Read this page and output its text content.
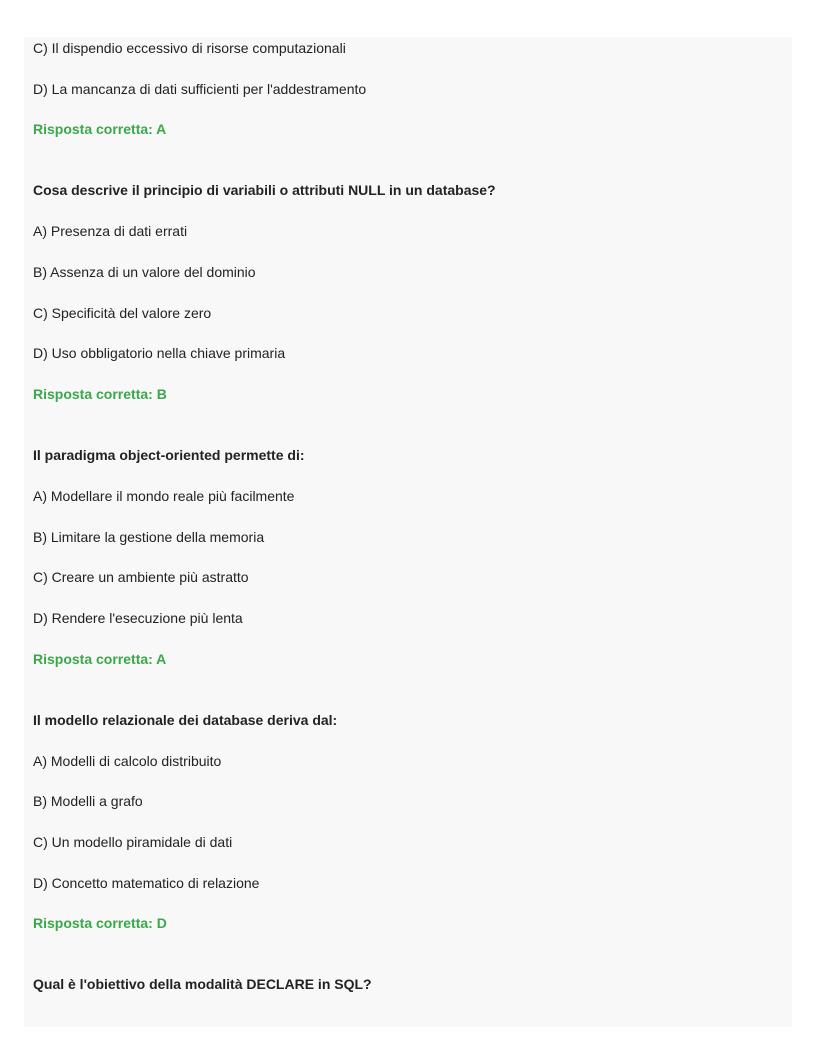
C) Il dispendio eccessivo di risorse computazionali
D) La mancanza di dati sufficienti per l'addestramento
Risposta corretta: A
Cosa descrive il principio di variabili o attributi NULL in un database?
A) Presenza di dati errati
B) Assenza di un valore del dominio
C) Specificità del valore zero
D) Uso obbligatorio nella chiave primaria
Risposta corretta: B
Il paradigma object-oriented permette di:
A) Modellare il mondo reale più facilmente
B) Limitare la gestione della memoria
C) Creare un ambiente più astratto
D) Rendere l'esecuzione più lenta
Risposta corretta: A
Il modello relazionale dei database deriva dal:
A) Modelli di calcolo distribuito
B) Modelli a grafo
C) Un modello piramidale di dati
D) Concetto matematico di relazione
Risposta corretta: D
Qual è l'obiettivo della modalità DECLARE in SQL?
